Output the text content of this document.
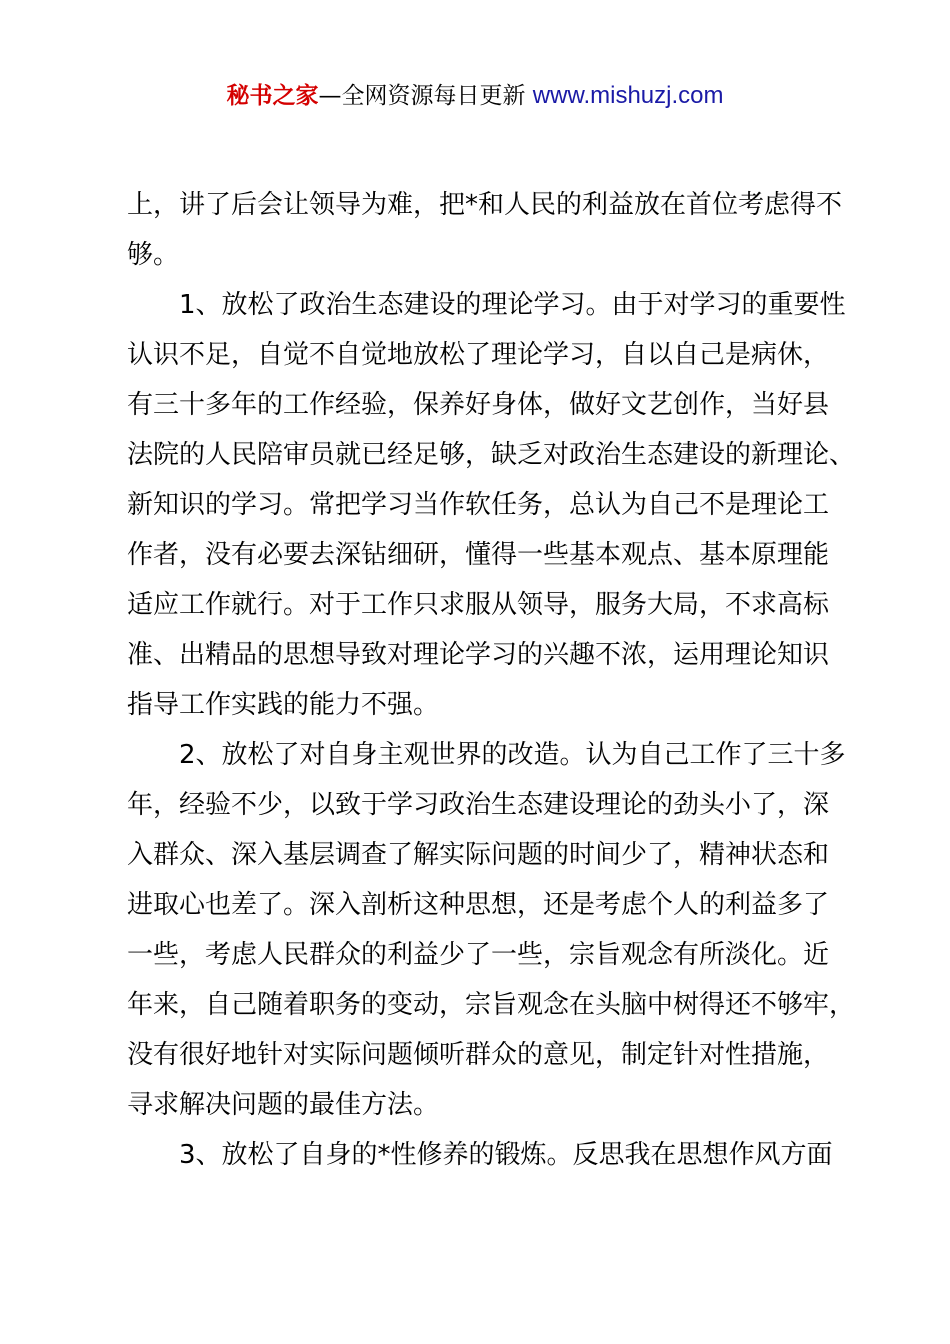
秘书之家—全网资源每日更新 www.mishuzj.com
上，讲了后会让领导为难，把*和人民的利益放在首位考虑得不
够。
1、放松了政治生态建设的理论学习。由于对学习的重要性
认识不足，自觉不自觉地放松了理论学习，自以自己是病休，
有三十多年的工作经验，保养好身体，做好文艺创作，当好县
法院的人民陪审员就已经足够，缺乏对政治生态建设的新理论、
新知识的学习。常把学习当作软任务，总认为自己不是理论工
作者，没有必要去深钻细研，懂得一些基本观点、基本原理能
适应工作就行。对于工作只求服从领导，服务大局，不求高标
准、出精品的思想导致对理论学习的兴趣不浓，运用理论知识
指导工作实践的能力不强。
2、放松了对自身主观世界的改造。认为自己工作了三十多
年，经验不少，以致于学习政治生态建设理论的劲头小了，深
入群众、深入基层调查了解实际问题的时间少了，精神状态和
进取心也差了。深入剖析这种思想，还是考虑个人的利益多了
一些，考虑人民群众的利益少了一些，宗旨观念有所淡化。近
年来，自己随着职务的变动，宗旨观念在头脑中树得还不够牢，
没有很好地针对实际问题倾听群众的意见，制定针对性措施，
寻求解决问题的最佳方法。
3、放松了自身的*性修养的锻炼。反思我在思想作风方面
